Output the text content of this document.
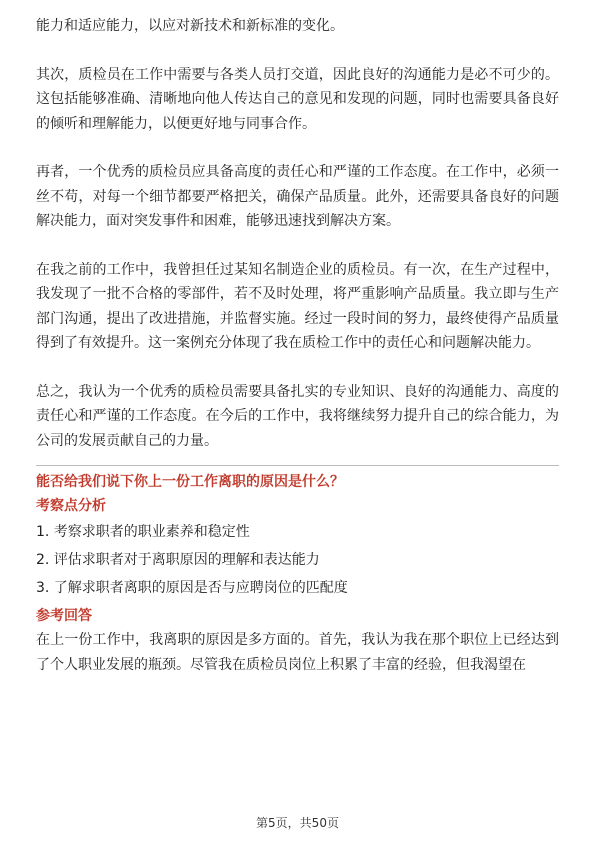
能力和适应能力，以应对新技术和新标准的变化。

其次，质检员在工作中需要与各类人员打交道，因此良好的沟通能力是必不可少的。这包括能够准确、清晰地向他人传达自己的意见和发现的问题，同时也需要具备良好的倾听和理解能力，以便更好地与同事合作。

再者，一个优秀的质检员应具备高度的责任心和严谨的工作态度。在工作中，必须一丝不苟，对每一个细节都要严格把关，确保产品质量。此外，还需要具备良好的问题解决能力，面对突发事件和困难，能够迅速找到解决方案。

在我之前的工作中，我曾担任过某知名制造企业的质检员。有一次，在生产过程中，我发现了一批不合格的零部件，若不及时处理，将严重影响产品质量。我立即与生产部门沟通，提出了改进措施，并监督实施。经过一段时间的努力，最终使得产品质量得到了有效提升。这一案例充分体现了我在质检工作中的责任心和问题解决能力。

总之，我认为一个优秀的质检员需要具备扎实的专业知识、良好的沟通能力、高度的责任心和严谨的工作态度。在今后的工作中，我将继续努力提升自己的综合能力，为公司的发展贡献自己的力量。

能否给我们说下你上一份工作离职的原因是什么？

考察点分析

1. 考察求职者的职业素养和稳定性

2. 评估求职者对于离职原因的理解和表达能力

3. 了解求职者离职的原因是否与应聘岗位的匹配度

参考回答

在上一份工作中，我离职的原因是多方面的。首先，我认为我在那个职位上已经达到了个人职业发展的瓶颈。尽管我在质检员岗位上积累了丰富的经验，但我渴望在

第5页，共50页
